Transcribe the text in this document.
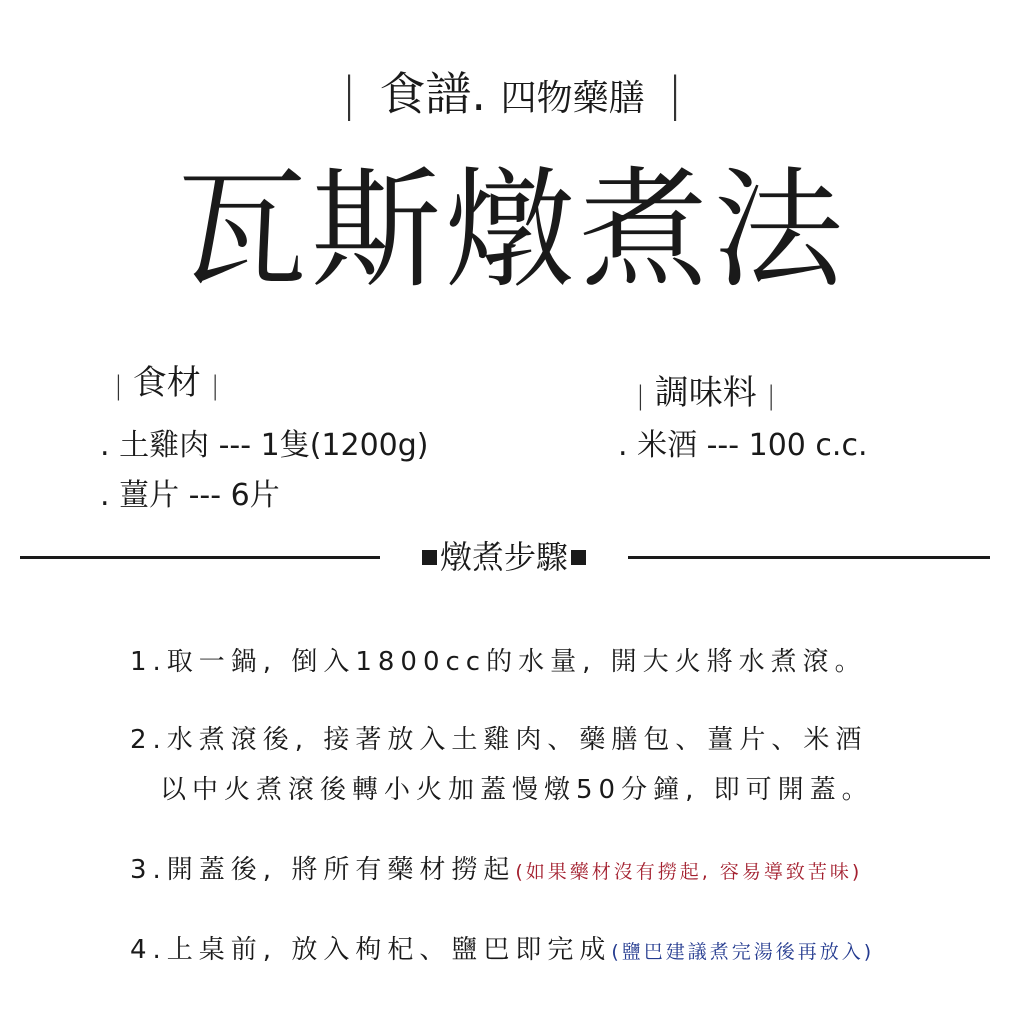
| 食譜. 四物藥膳 |
瓦斯燉煮法
| 食材 |
. 土雞肉 --- 1隻(1200g)
. 薑片 --- 6片
| 調味料 |
. 米酒 --- 100 c.c.
燉煮步驟
1.取一鍋, 倒入1800cc的水量, 開大火將水煮滾。
2.水煮滾後, 接著放入土雞肉、藥膳包、薑片、米酒
以中火煮滾後轉小火加蓋慢燉50分鐘, 即可開蓋。
3.開蓋後, 將所有藥材撈起(如果藥材沒有撈起, 容易導致苦味)
4.上桌前, 放入枸杞、鹽巴即完成(鹽巴建議煮完湯後再放入)
